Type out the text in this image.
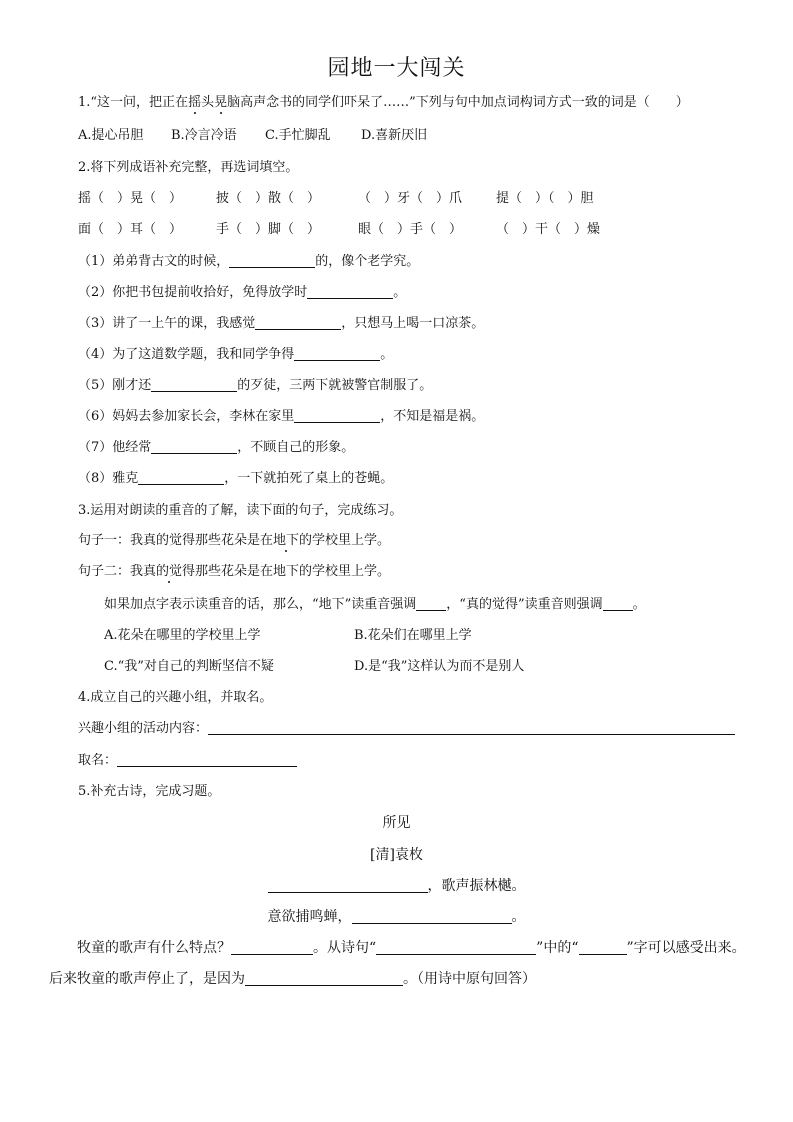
园地一大闯关
1.“这一问，把正在摇头晃脑高声念书的同学们吓呆了……”下列与句中加点词构词方式一致的词是（　　）
A.提心吊胆 B.冷言冷语 C.手忙脚乱 D.喜新厌旧
2.将下列成语补充完整，再选词填空。
摇（　）晃（　）	披（　）散（　）	（　）牙（　）爪	提（　）（　）胆
面（　）耳（　）	手（　）脚（　）	眼（　）手（　）	（　）干（　）燥
（1）弟弟背古文的时候，	的，像个老学究。
（2）你把书包提前收拾好，免得放学时	。
（3）讲了一上午的课，我感觉	，只想马上喝一口凉茶。
（4）为了这道数学题，我和同学争得	。
（5）刚才还	的歹徒，三两下就被警官制服了。
（6）妈妈去参加家长会，李林在家里	，不知是福是祸。
（7）他经常	，不顾自己的形象。
（8）雅克	，一下就拍死了桌上的苍蝇。
3.运用对朗读的重音的了解，读下面的句子，完成练习。
句子一：我真的觉得那些花朵是在地下的学校里上学。
句子二：我真的觉得那些花朵是在地下的学校里上学。
如果加点字表示读重音的话，那么，“地下”读重音强调 ，“真的觉得”读重音则强调 。
A.花朵在哪里的学校里上学	B.花朵们在哪里上学
C.“我”对自己的判断坚信不疑	D.是“我”这样认为而不是别人
4.成立自己的兴趣小组，并取名。
兴趣小组的活动内容：
取名：
5.补充古诗，完成习题。
所见
[清]袁枚
，歌声振林樾。
意欲捕鸣蝉，	。
牧童的歌声有什么特点？	。从诗句“	”中的“	”字可以感受出来。后来牧童的歌声停止了，是因为	。（用诗中原句回答）
